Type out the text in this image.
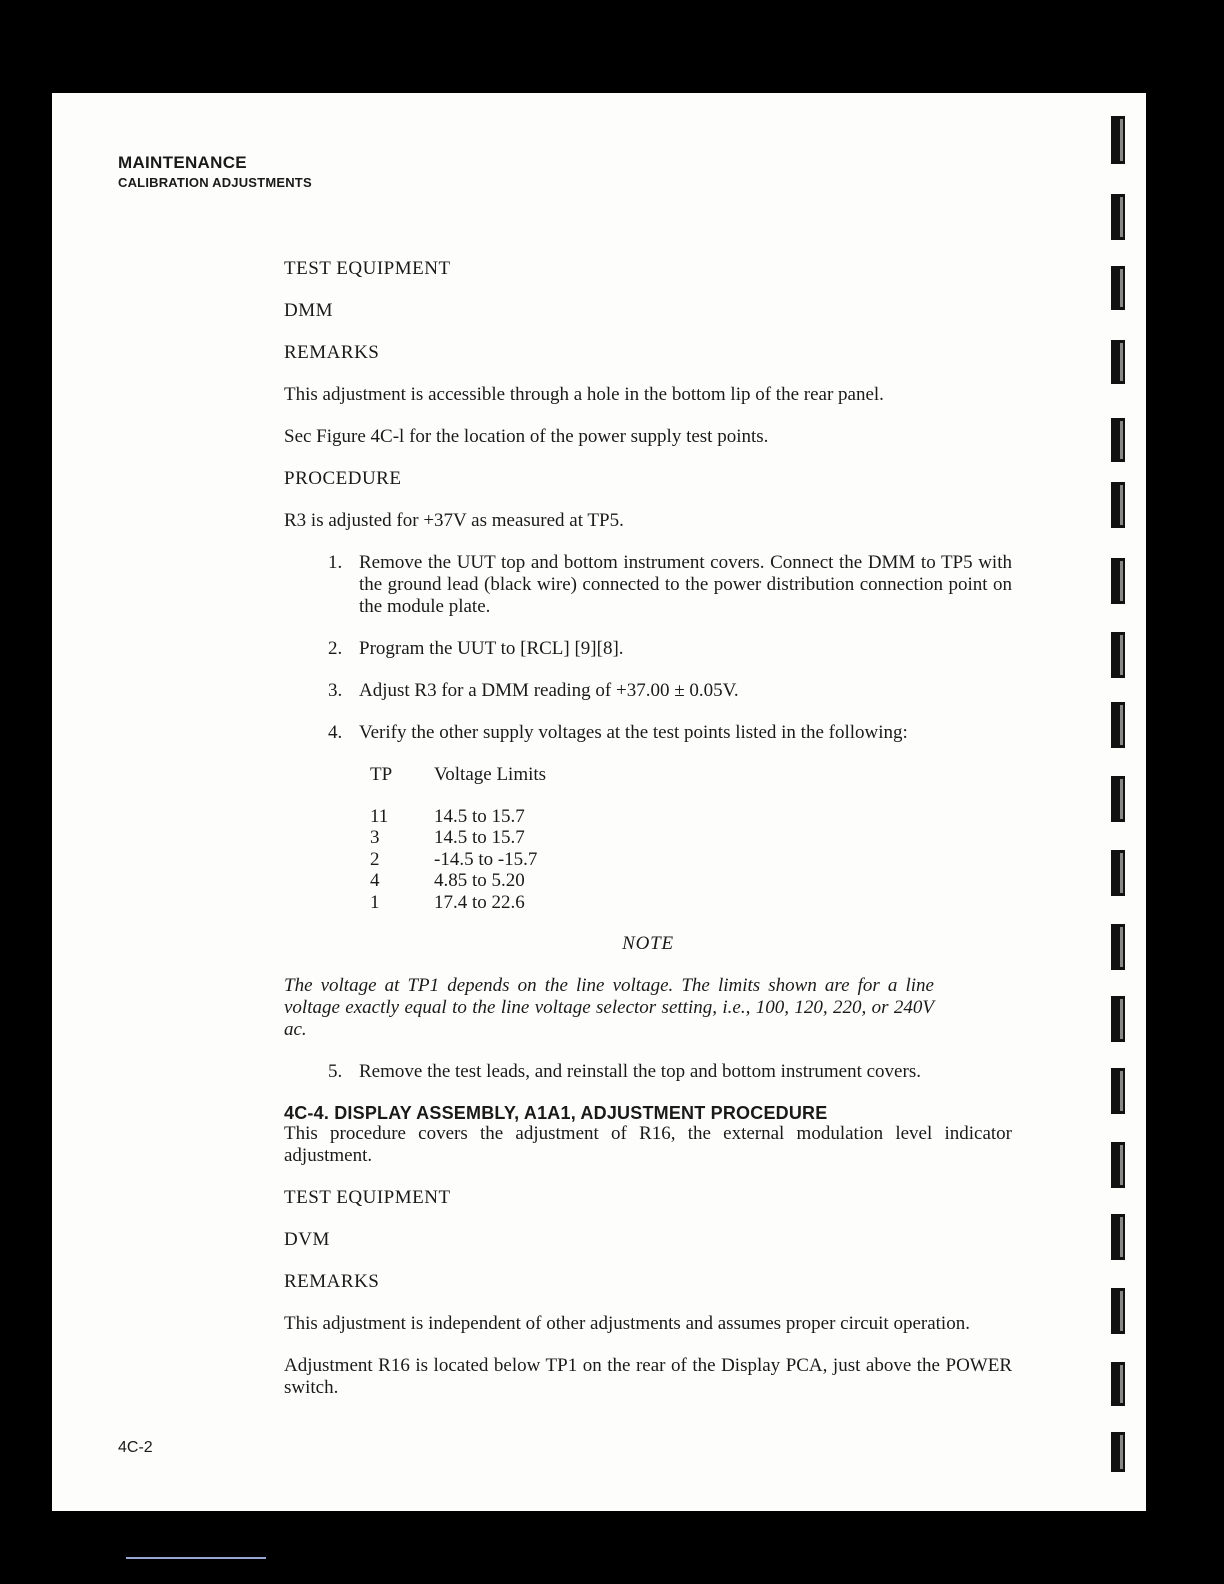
MAINTENANCE
CALIBRATION ADJUSTMENTS

TEST EQUIPMENT

DMM

REMARKS

This adjustment is accessible through a hole in the bottom lip of the rear panel.

Sec Figure 4C-l for the location of the power supply test points.

PROCEDURE

R3 is adjusted for +37V as measured at TP5.

1. Remove the UUT top and bottom instrument covers. Connect the DMM to TP5 with the ground lead (black wire) connected to the power distribution connection point on the module plate.
2. Program the UUT to [RCL] [9][8].
3. Adjust R3 for a DMM reading of +37.00 ± 0.05V.
4. Verify the other supply voltages at the test points listed in the following:
TP	Voltage Limits
11	14.5 to 15.7
3	14.5 to 15.7
2	-14.5 to -15.7
4	4.85 to 5.20
1	17.4 to 22.6

NOTE

The voltage at TP1 depends on the line voltage. The limits shown are for a line voltage exactly equal to the line voltage selector setting, i.e., 100, 120, 220, or 240V ac.

5. Remove the test leads, and reinstall the top and bottom instrument covers.

4C-4. DISPLAY ASSEMBLY, A1A1, ADJUSTMENT PROCEDURE

This procedure covers the adjustment of R16, the external modulation level indicator adjustment.

TEST EQUIPMENT

DVM

REMARKS

This adjustment is independent of other adjustments and assumes proper circuit operation.

Adjustment R16 is located below TP1 on the rear of the Display PCA, just above the POWER switch.

4C-2
